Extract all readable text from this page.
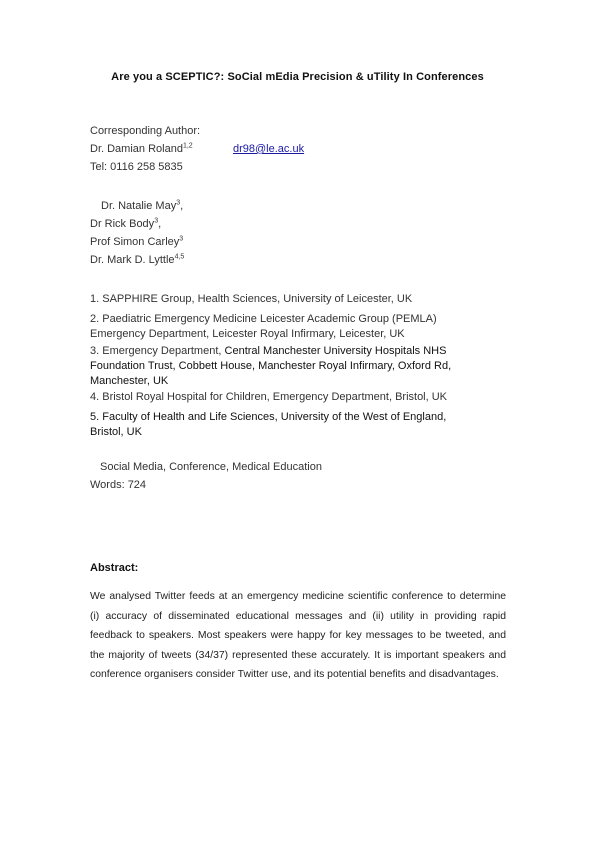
Are you a SCEPTIC?: SoCial mEdia Precision & uTility In Conferences
Corresponding Author:
Dr. Damian Roland$^{1,2}$
Tel: 0116 258 5835
dr98@le.ac.uk
Dr. Natalie May$^3$,
Dr Rick Body$^3$,
Prof Simon Carley$^3$
Dr. Mark D. Lyttle$^{4,5}$
1. SAPPHIRE Group, Health Sciences, University of Leicester, UK
2. Paediatric Emergency Medicine Leicester Academic Group (PEMLA)
Emergency Department, Leicester Royal Infirmary, Leicester, UK
3. Emergency Department, Central Manchester University Hospitals NHS
Foundation Trust, Cobbett House, Manchester Royal Infirmary, Oxford Rd,
Manchester, UK
4. Bristol Royal Hospital for Children, Emergency Department, Bristol, UK
5. Faculty of Health and Life Sciences, University of the West of England,
Bristol, UK
Social Media, Conference, Medical Education
Words: 724
Abstract:
We analysed Twitter feeds at an emergency medicine scientific conference to determine (i) accuracy of disseminated educational messages and (ii) utility in providing rapid feedback to speakers. Most speakers were happy for key messages to be tweeted, and the majority of tweets (34/37) represented these accurately. It is important speakers and conference organisers consider Twitter use, and its potential benefits and disadvantages.
